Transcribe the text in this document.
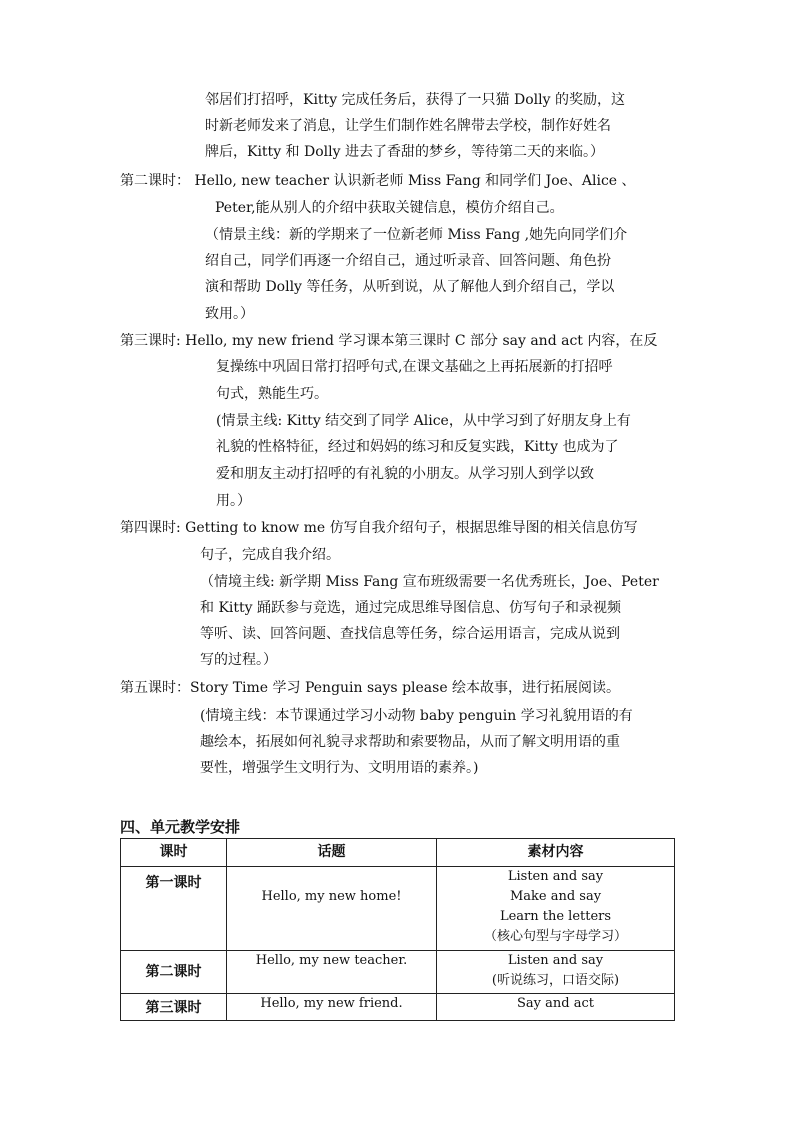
邻居们打招呼，Kitty 完成任务后，获得了一只猫 Dolly 的奖励，这
时新老师发来了消息，让学生们制作姓名牌带去学校，制作好姓名
牌后，Kitty 和 Dolly 进去了香甜的梦乡，等待第二天的来临。）
第二课时： Hello, new teacher 认识新老师 Miss Fang 和同学们 Joe、Alice 、
Peter,能从别人的介绍中获取关键信息，模仿介绍自己。
（情景主线：新的学期来了一位新老师 Miss Fang ,她先向同学们介
绍自己，同学们再逐一介绍自己，通过听录音、回答问题、角色扮
演和帮助 Dolly 等任务，从听到说，从了解他人到介绍自己，学以
致用。）
第三课时: Hello, my new friend 学习课本第三课时 C 部分 say and act 内容，在反
复操练中巩固日常打招呼句式,在课文基础之上再拓展新的打招呼
句式，熟能生巧。
(情景主线: Kitty 结交到了同学 Alice，从中学习到了好朋友身上有
礼貌的性格特征，经过和妈妈的练习和反复实践，Kitty 也成为了
爱和朋友主动打招呼的有礼貌的小朋友。从学习别人到学以致
用。）
第四课时: Getting to know me 仿写自我介绍句子，根据思维导图的相关信息仿写
句子，完成自我介绍。
（情境主线: 新学期 Miss Fang 宣布班级需要一名优秀班长，Joe、Peter
和 Kitty 踊跃参与竞选，通过完成思维导图信息、仿写句子和录视频
等听、读、回答问题、查找信息等任务，综合运用语言，完成从说到
写的过程。）
第五课时：Story Time 学习 Penguin says please 绘本故事，进行拓展阅读。
(情境主线：本节课通过学习小动物 baby penguin 学习礼貌用语的有
趣绘本，拓展如何礼貌寻求帮助和索要物品，从而了解文明用语的重
要性，增强学生文明行为、文明用语的素养。)
四、单元教学安排
课时	话题	素材内容
第一课时	Hello, my new home!	Listen and say
Make and say
Learn the letters
（核心句型与字母学习）

第二课时	Hello, my new teacher.	Listen and say
(听说练习，口语交际)

第三课时	Hello, my new friend.	Say and act
